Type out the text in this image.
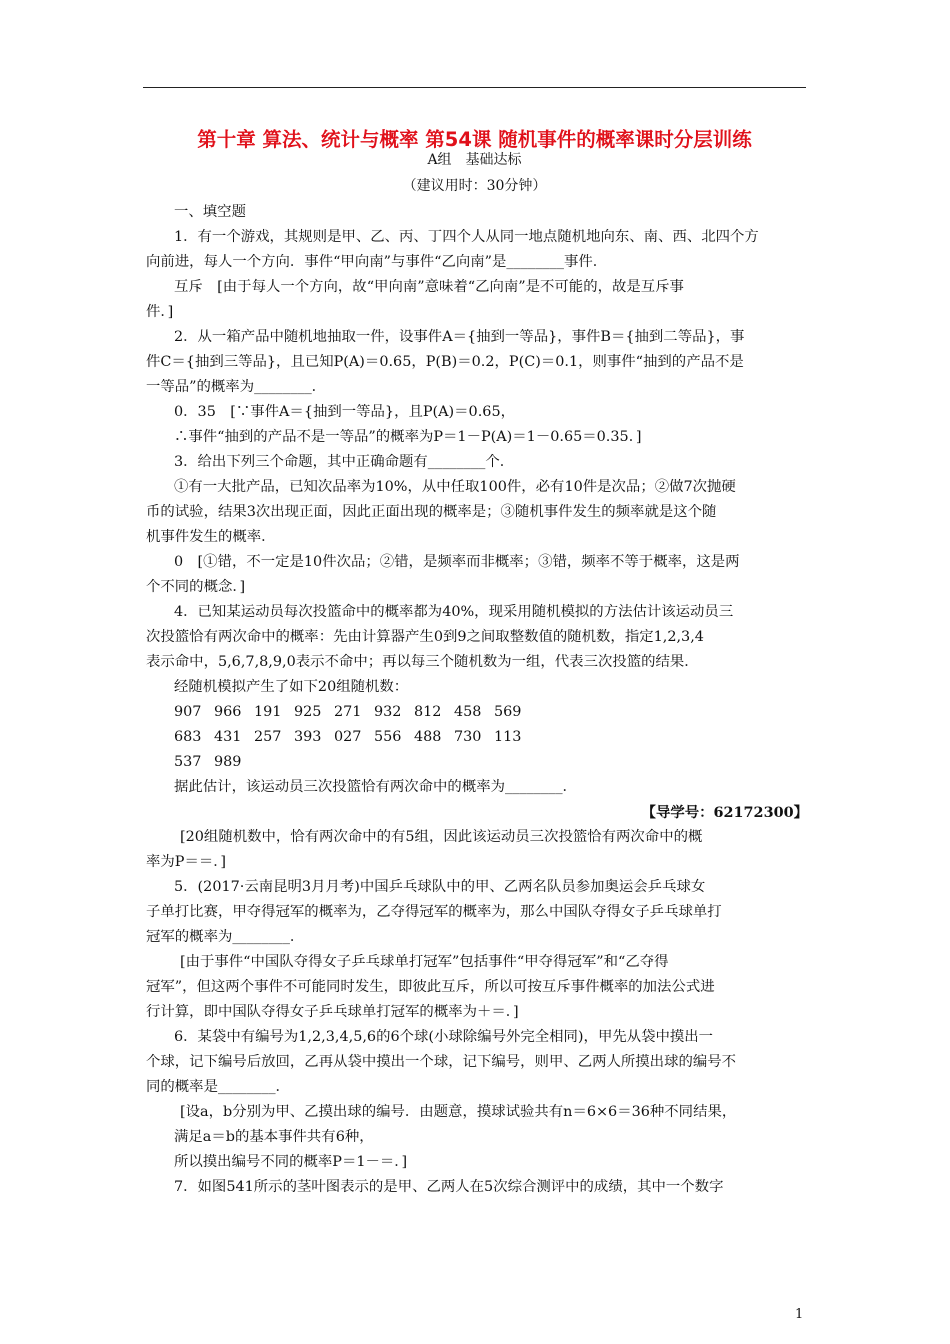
第十章 算法、统计与概率 第54课 随机事件的概率课时分层训练
A组　基础达标
（建议用时：30分钟）
一、填空题
1．有一个游戏，其规则是甲、乙、丙、丁四个人从同一地点随机地向东、南、西、北四个方
向前进，每人一个方向．事件“甲向南”与事件“乙向南”是________事件．
互斥　[由于每人一个方向，故“甲向南”意味着“乙向南”是不可能的，故是互斥事
件．]
2．从一箱产品中随机地抽取一件，设事件A＝{抽到一等品}，事件B＝{抽到二等品}，事
件C＝{抽到三等品}，且已知P(A)＝0.65，P(B)＝0.2，P(C)＝0.1，则事件“抽到的产品不是
一等品”的概率为________．
0．35　[∵事件A＝{抽到一等品}，且P(A)＝0.65，
∴事件“抽到的产品不是一等品”的概率为P＝1－P(A)＝1－0.65＝0.35．]
3．给出下列三个命题，其中正确命题有________个．
①有一大批产品，已知次品率为10%，从中任取100件，必有10件是次品；②做7次抛硬
币的试验，结果3次出现正面，因此正面出现的概率是；③随机事件发生的频率就是这个随
机事件发生的概率．
0　[①错，不一定是10件次品；②错，是频率而非概率；③错，频率不等于概率，这是两
个不同的概念．]
4．已知某运动员每次投篮命中的概率都为40%，现采用随机模拟的方法估计该运动员三
次投篮恰有两次命中的概率：先由计算器产生0到9之间取整数值的随机数，指定1,2,3,4
表示命中，5,6,7,8,9,0表示不命中；再以每三个随机数为一组，代表三次投篮的结果．
经随机模拟产生了如下20组随机数：
907 966 191 925 271 932 812 458 569
683 431 257 393 027 556 488 730 113
537 989
据此估计，该运动员三次投篮恰有两次命中的概率为________．
【导学号：62172300】
[20组随机数中，恰有两次命中的有5组，因此该运动员三次投篮恰有两次命中的概
率为P＝＝．]
5．(2017·云南昆明3月月考)中国乒乓球队中的甲、乙两名队员参加奥运会乒乓球女
子单打比赛，甲夺得冠军的概率为，乙夺得冠军的概率为，那么中国队夺得女子乒乓球单打
冠军的概率为________．
[由于事件“中国队夺得女子乒乓球单打冠军”包括事件“甲夺得冠军”和“乙夺得
冠军”，但这两个事件不可能同时发生，即彼此互斥，所以可按互斥事件概率的加法公式进
行计算，即中国队夺得女子乒乓球单打冠军的概率为＋＝．]
6．某袋中有编号为1,2,3,4,5,6的6个球(小球除编号外完全相同)，甲先从袋中摸出一
个球，记下编号后放回，乙再从袋中摸出一个球，记下编号，则甲、乙两人所摸出球的编号不
同的概率是________．
[设a，b分别为甲、乙摸出球的编号．由题意，摸球试验共有n＝6×6＝36种不同结果，
满足a＝b的基本事件共有6种，
所以摸出编号不同的概率P＝1－＝．]
7．如图541所示的茎叶图表示的是甲、乙两人在5次综合测评中的成绩，其中一个数字
1
